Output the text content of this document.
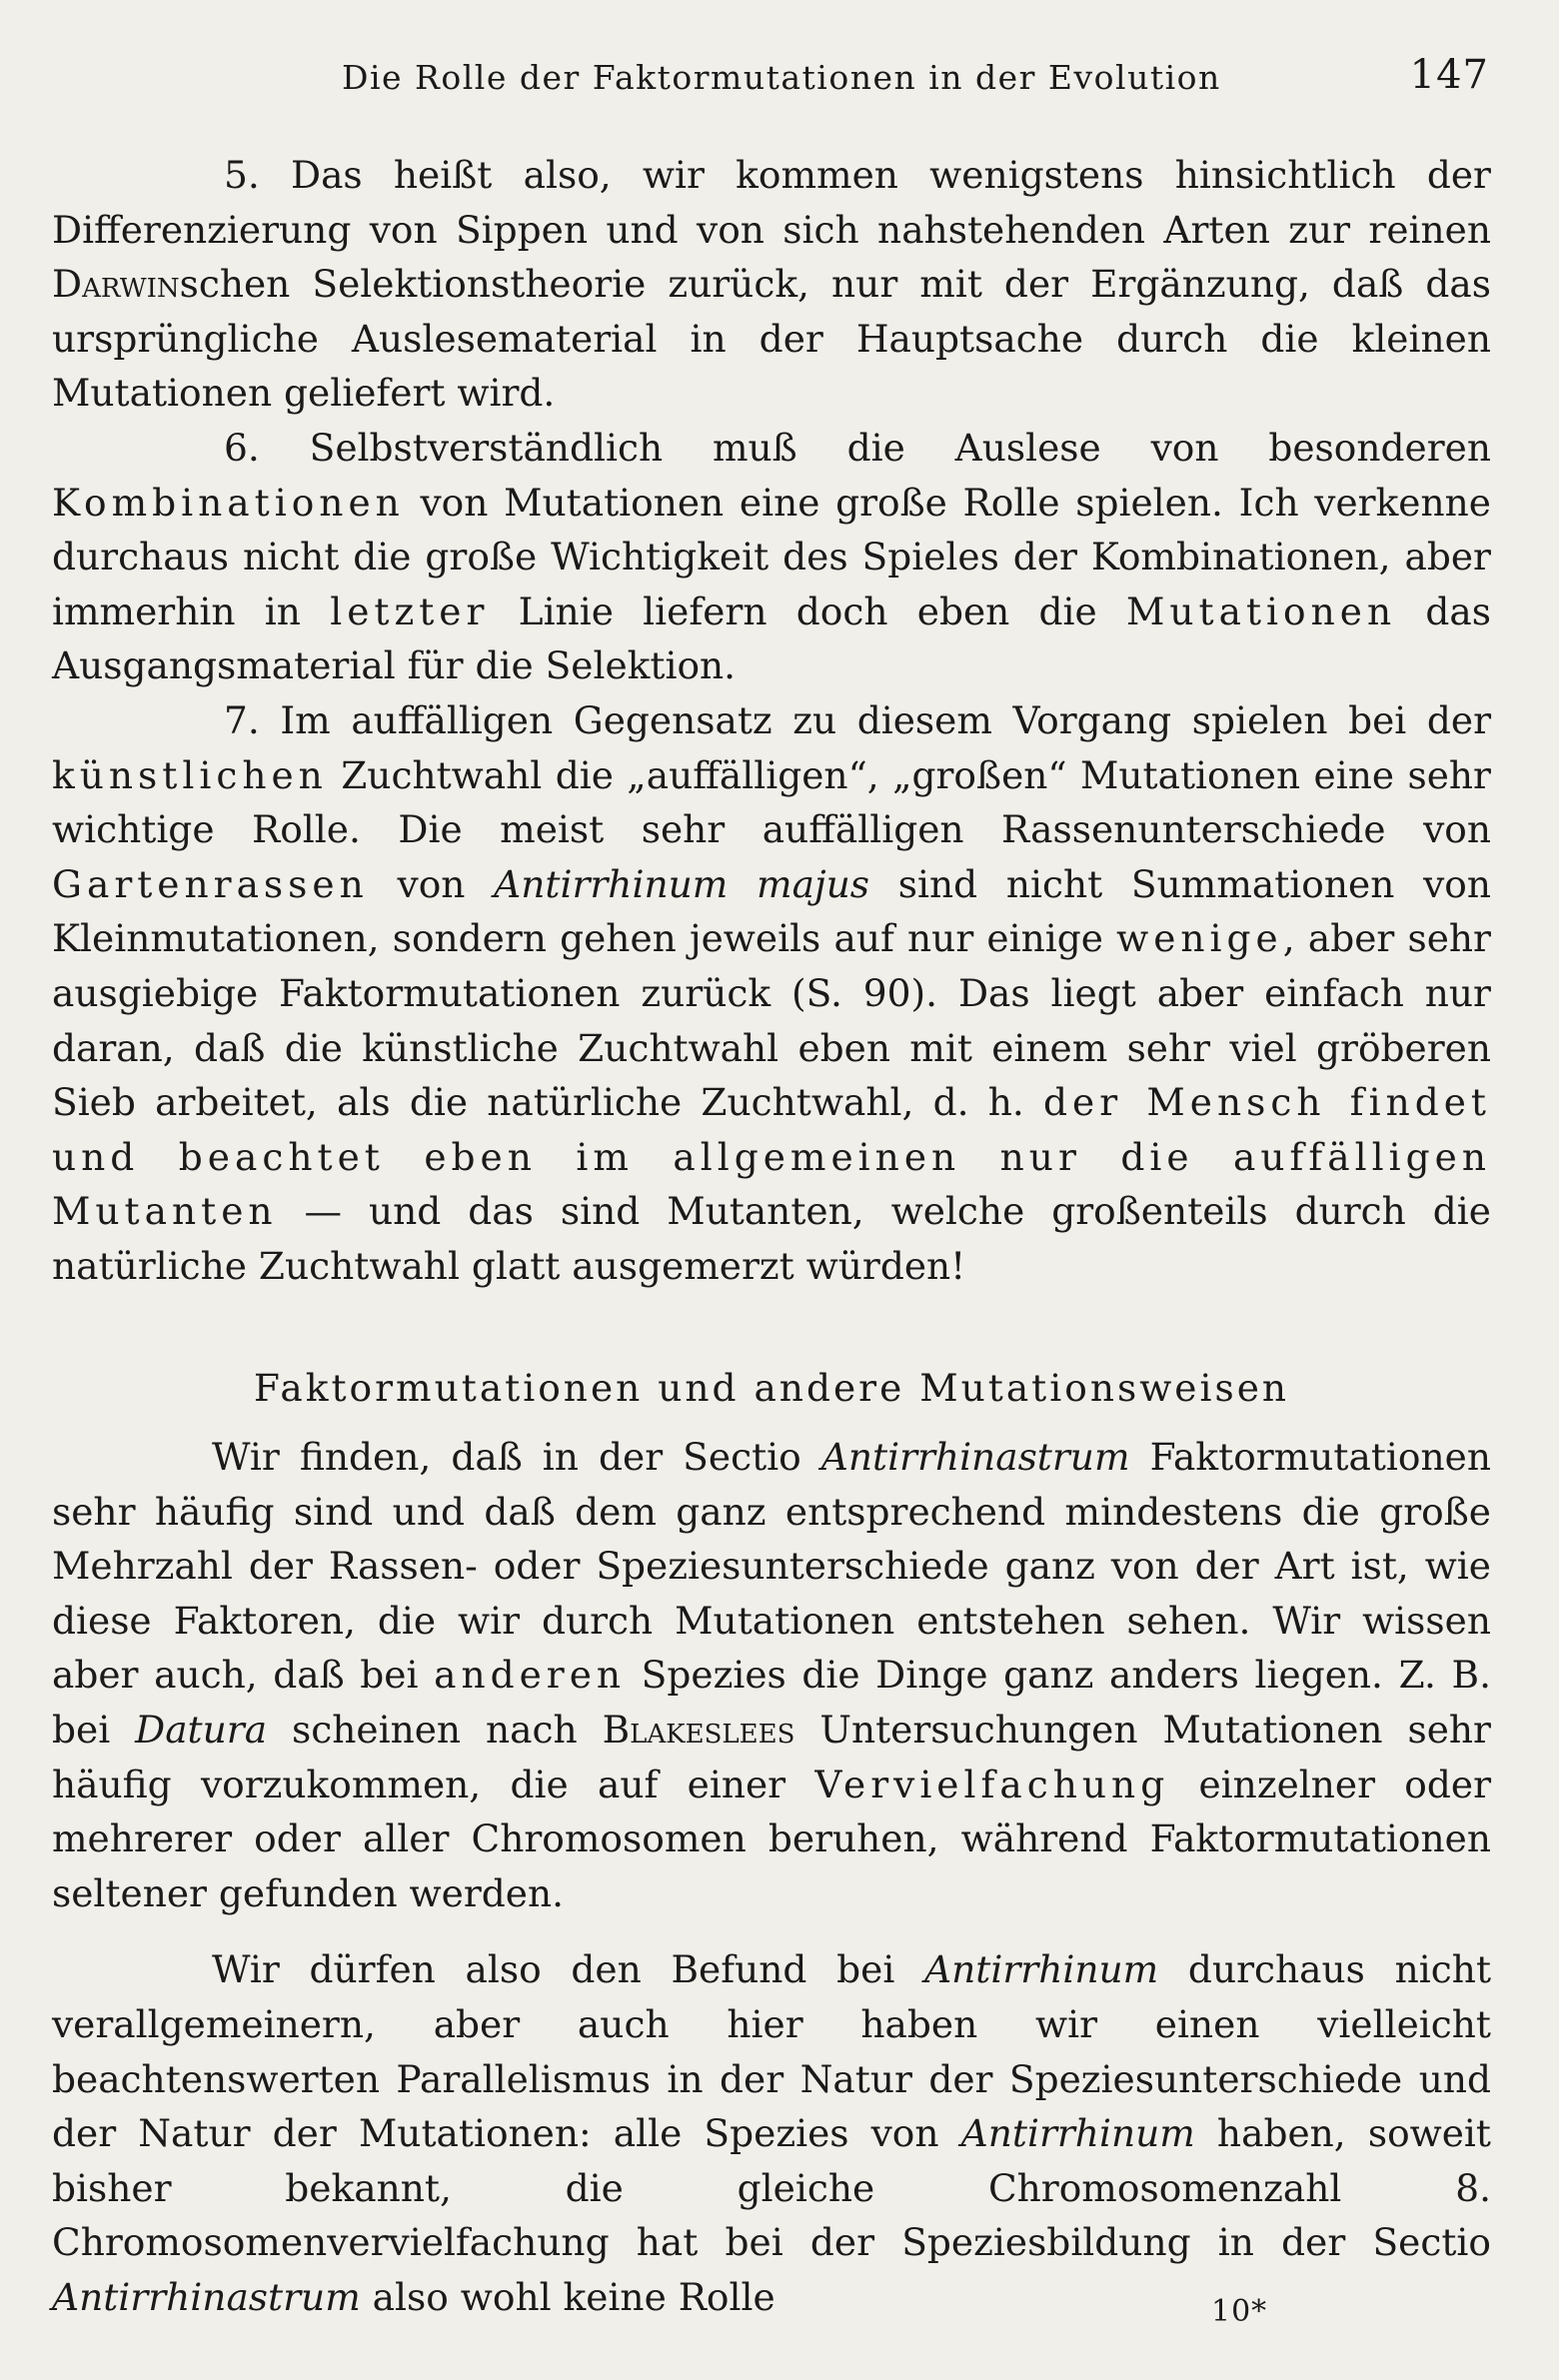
Die Rolle der Faktormutationen in der Evolution	147

5. Das heißt also, wir kommen wenigstens hinsichtlich der Differenzierung von Sippen und von sich nahstehenden Arten zur reinen Darwinschen Selektionstheorie zurück, nur mit der Ergänzung, daß das ursprüngliche Auslesematerial in der Hauptsache durch die kleinen Mutationen geliefert wird.

6. Selbstverständlich muß die Auslese von besonderen Kombinationen von Mutationen eine große Rolle spielen. Ich verkenne durchaus nicht die große Wichtigkeit des Spieles der Kombinationen, aber immerhin in letzter Linie liefern doch eben die Mutationen das Ausgangsmaterial für die Selektion.

7. Im auffälligen Gegensatz zu diesem Vorgang spielen bei der künstlichen Zuchtwahl die „auffälligen“, „großen“ Mutationen eine sehr wichtige Rolle. Die meist sehr auffälligen Rassenunterschiede von Gartenrassen von Antirrhinum majus sind nicht Summationen von Kleinmutationen, sondern gehen jeweils auf nur einige wenige, aber sehr ausgiebige Faktormutationen zurück (S. 90). Das liegt aber einfach nur daran, daß die künstliche Zuchtwahl eben mit einem sehr viel gröberen Sieb arbeitet, als die natürliche Zuchtwahl, d. h. der Mensch findet und beachtet eben im allgemeinen nur die auffälligen Mutanten — und das sind Mutanten, welche großenteils durch die natürliche Zuchtwahl glatt ausgemerzt würden!

Faktormutationen und andere Mutationsweisen

Wir finden, daß in der Sectio Antirrhinastrum Faktormutationen sehr häufig sind und daß dem ganz entsprechend mindestens die große Mehrzahl der Rassen- oder Speziesunterschiede ganz von der Art ist, wie diese Faktoren, die wir durch Mutationen entstehen sehen. Wir wissen aber auch, daß bei anderen Spezies die Dinge ganz anders liegen. Z. B. bei Datura scheinen nach Blakeslees Untersuchungen Mutationen sehr häufig vorzukommen, die auf einer Vervielfachung einzelner oder mehrerer oder aller Chromosomen beruhen, während Faktormutationen seltener gefunden werden.

Wir dürfen also den Befund bei Antirrhinum durchaus nicht verallgemeinern, aber auch hier haben wir einen vielleicht beachtenswerten Parallelismus in der Natur der Speziesunterschiede und der Natur der Mutationen: alle Spezies von Antirrhinum haben, soweit bisher bekannt, die gleiche Chromosomenzahl 8. Chromosomenvervielfachung hat bei der Speziesbildung in der Sectio Antirrhinastrum also wohl keine Rolle	10*
